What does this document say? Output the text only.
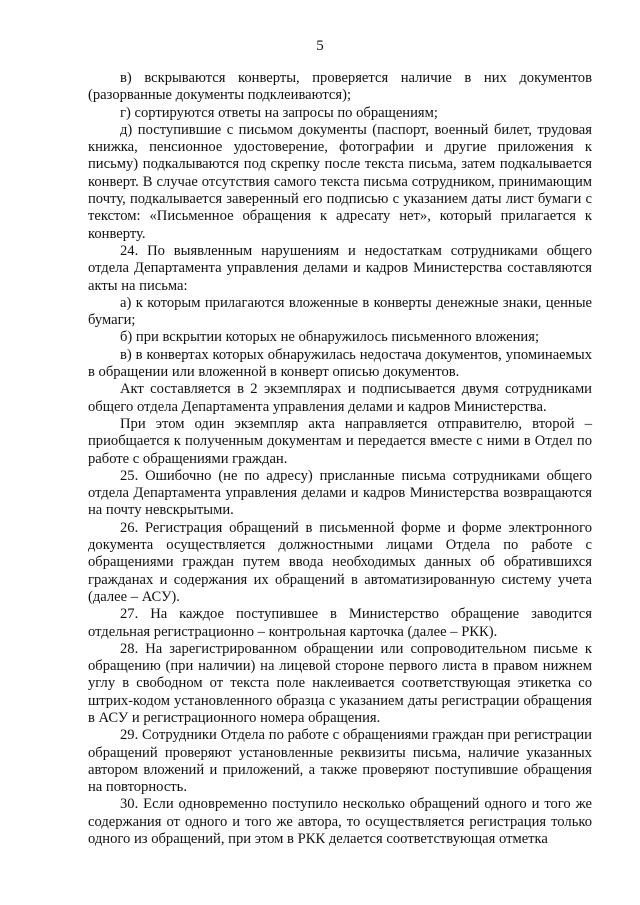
5

в) вскрываются конверты, проверяется наличие в них документов (разорванные документы подклеиваются);

г) сортируются ответы на запросы по обращениям;

д) поступившие с письмом документы (паспорт, военный билет, трудовая книжка, пенсионное удостоверение, фотографии и другие приложения к письму) подкалываются под скрепку после текста письма, затем подкалывается конверт. В случае отсутствия самого текста письма сотрудником, принимающим почту, подкалывается заверенный его подписью с указанием даты лист бумаги с текстом: «Письменное обращения к адресату нет», который прилагается к конверту.

24. По выявленным нарушениям и недостаткам сотрудниками общего отдела Департамента управления делами и кадров Министерства составляются акты на письма:

а) к которым прилагаются вложенные в конверты денежные знаки, ценные бумаги;

б) при вскрытии которых не обнаружилось письменного вложения;

в) в конвертах которых обнаружилась недостача документов, упоминаемых в обращении или вложенной в конверт описью документов.

Акт составляется в 2 экземплярах и подписывается двумя сотрудниками общего отдела Департамента управления делами и кадров Министерства.

При этом один экземпляр акта направляется отправителю, второй – приобщается к полученным документам и передается вместе с ними в Отдел по работе с обращениями граждан.

25. Ошибочно (не по адресу) присланные письма сотрудниками общего отдела Департамента управления делами и кадров Министерства возвращаются на почту невскрытыми.

26. Регистрация обращений в письменной форме и форме электронного документа осуществляется должностными лицами Отдела по работе с обращениями граждан путем ввода необходимых данных об обратившихся гражданах и содержания их обращений в автоматизированную систему учета (далее – АСУ).

27. На каждое поступившее в Министерство обращение заводится отдельная регистрационно – контрольная карточка (далее – РКК).

28. На зарегистрированном обращении или сопроводительном письме к обращению (при наличии) на лицевой стороне первого листа в правом нижнем углу в свободном от текста поле наклеивается соответствующая этикетка со штрих-кодом установленного образца с указанием даты регистрации обращения в АСУ и регистрационного номера обращения.

29. Сотрудники Отдела по работе с обращениями граждан при регистрации обращений проверяют установленные реквизиты письма, наличие указанных автором вложений и приложений, а также проверяют поступившие обращения на повторность.

30. Если одновременно поступило несколько обращений одного и того же содержания от одного и того же автора, то осуществляется регистрация только одного из обращений, при этом в РКК делается соответствующая отметка
